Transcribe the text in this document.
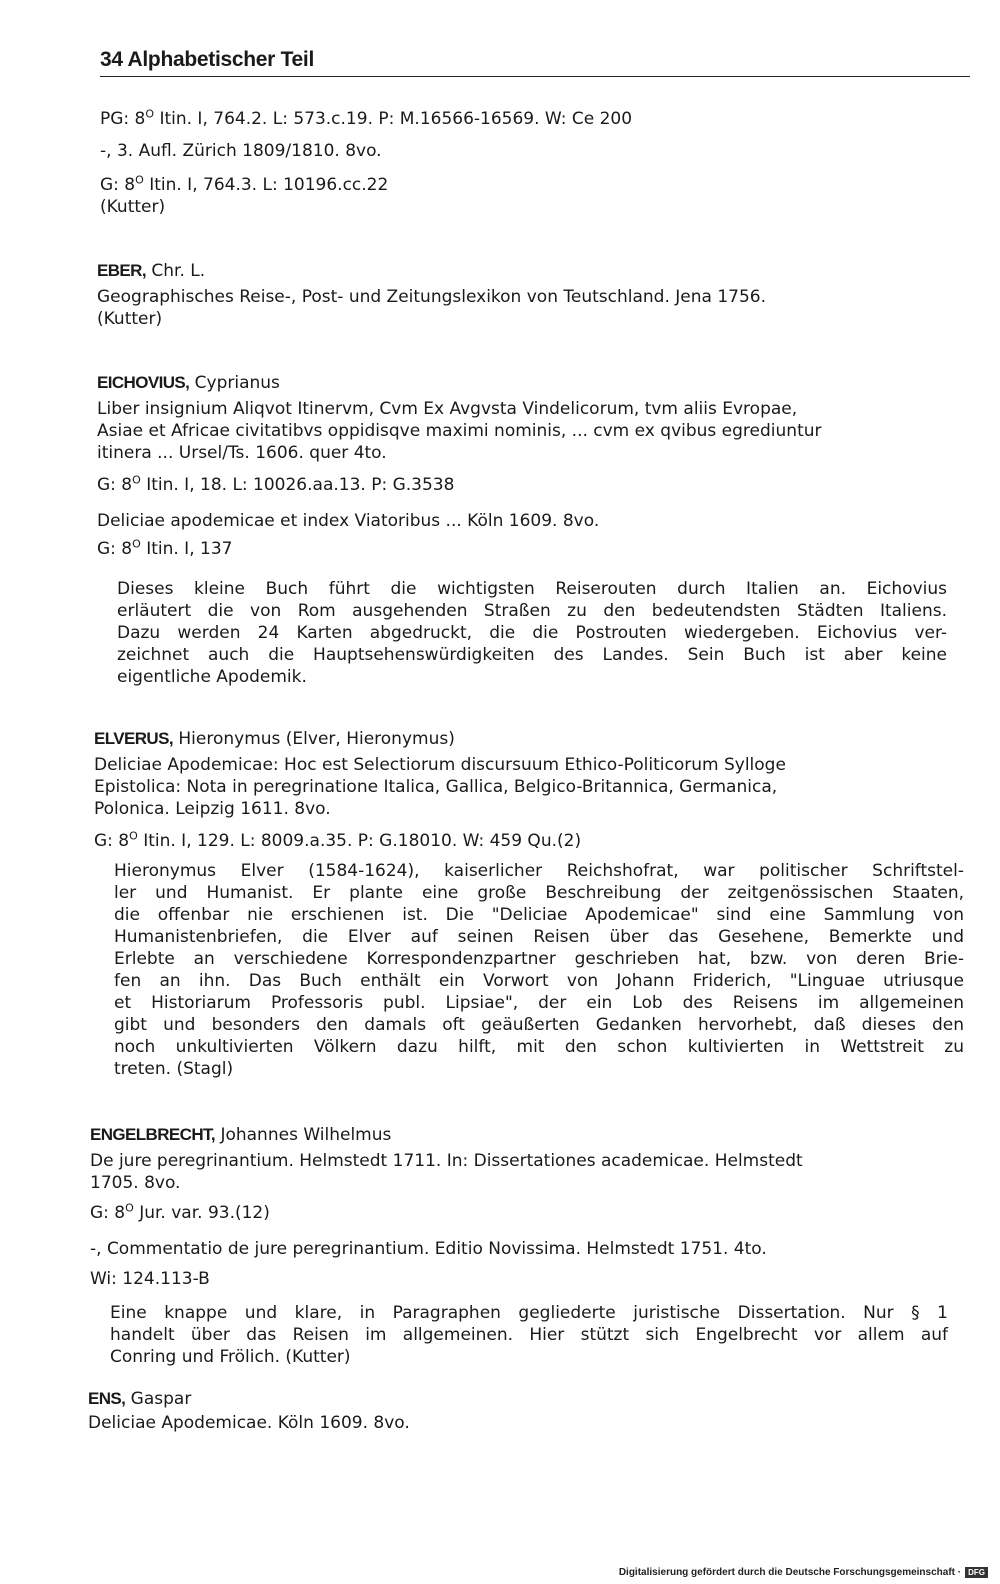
34 Alphabetischer Teil
PG: $8^O$ Itin. I, 764.2. L: 573.c.19. P: M.16566-16569. W: Ce 200
-, 3. Aufl. Zürich 1809/1810. 8vo.
G: $8^O$ Itin. I, 764.3. L: 10196.cc.22
(Kutter)
EBER, Chr. L.
Geographisches Reise-, Post- und Zeitungslexikon von Teutschland. Jena 1756.
(Kutter)
EICHOVIUS, Cyprianus
Liber insignium Aliqvot Itinervm, Cvm Ex Avgvsta Vindelicorum, tvm aliis Evropae,
Asiae et Africae civitatibvs oppidisqve maximi nominis, ... cvm ex qvibus egrediuntur
itinera ... Ursel/Ts. 1606. quer 4to.
G: $8^O$ Itin. I, 18. L: 10026.aa.13. P: G.3538
Deliciae apodemicae et index Viatoribus ... Köln 1609. 8vo.
G: $8^O$ Itin. I, 137
Dieses kleine Buch führt die wichtigsten Reiserouten durch Italien an. Eichovius
erläutert die von Rom ausgehenden Straßen zu den bedeutendsten Städten Italiens.
Dazu werden 24 Karten abgedruckt, die die Postrouten wiedergeben. Eichovius ver-
zeichnet auch die Hauptsehenswürdigkeiten des Landes. Sein Buch ist aber keine
eigentliche Apodemik.
ELVERUS, Hieronymus (Elver, Hieronymus)
Deliciae Apodemicae: Hoc est Selectiorum discursuum Ethico-Politicorum Sylloge
Epistolica: Nota in peregrinatione Italica, Gallica, Belgico-Britannica, Germanica,
Polonica. Leipzig 1611. 8vo.
G: $8^O$ Itin. I, 129. L: 8009.a.35. P: G.18010. W: 459 Qu.(2)
Hieronymus Elver (1584-1624), kaiserlicher Reichshofrat, war politischer Schriftstel-
ler und Humanist. Er plante eine große Beschreibung der zeitgenössischen Staaten,
die offenbar nie erschienen ist. Die "Deliciae Apodemicae" sind eine Sammlung von
Humanistenbriefen, die Elver auf seinen Reisen über das Gesehene, Bemerkte und
Erlebte an verschiedene Korrespondenzpartner geschrieben hat, bzw. von deren Brie-
fen an ihn. Das Buch enthält ein Vorwort von Johann Friderich, "Linguae utriusque
et Historiarum Professoris publ. Lipsiae", der ein Lob des Reisens im allgemeinen
gibt und besonders den damals oft geäußerten Gedanken hervorhebt, daß dieses den
noch unkultivierten Völkern dazu hilft, mit den schon kultivierten in Wettstreit zu
treten. (Stagl)
ENGELBRECHT, Johannes Wilhelmus
De jure peregrinantium. Helmstedt 1711. In: Dissertationes academicae. Helmstedt
1705. 8vo.
G: $8^O$ Jur. var. 93.(12)
-, Commentatio de jure peregrinantium. Editio Novissima. Helmstedt 1751. 4to.
Wi: 124.113-B
Eine knappe und klare, in Paragraphen gegliederte juristische Dissertation. Nur § 1
handelt über das Reisen im allgemeinen. Hier stützt sich Engelbrecht vor allem auf
Conring und Frölich. (Kutter)
ENS, Gaspar
Deliciae Apodemicae. Köln 1609. 8vo.
Digitalisierung gefördert durch die Deutsche Forschungsgemeinschaft · DFG
